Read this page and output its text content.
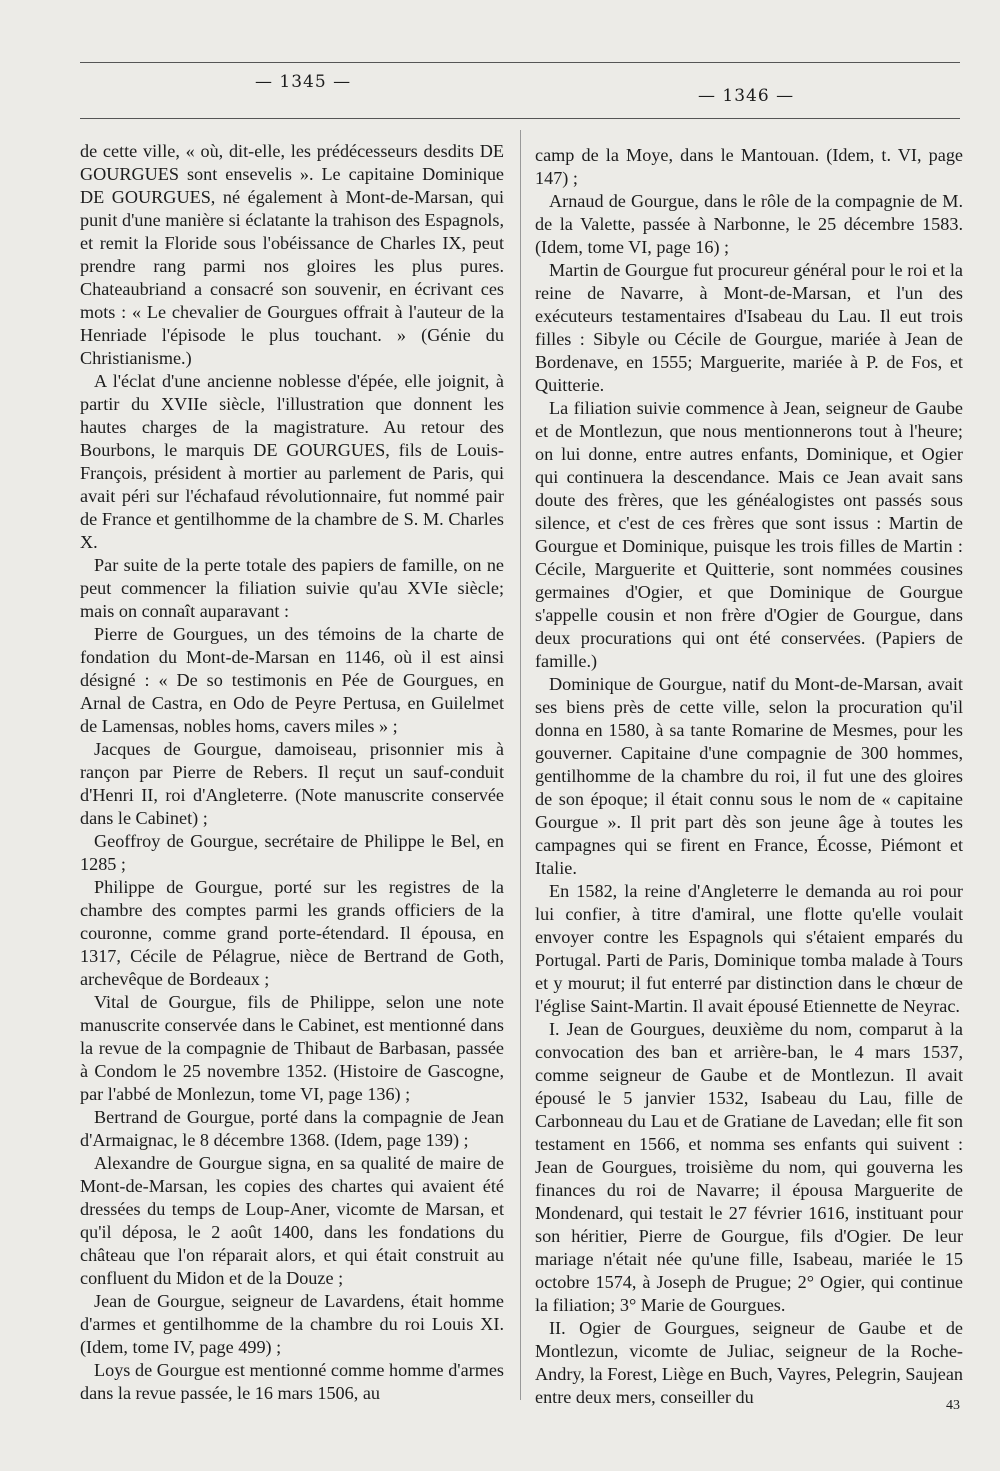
— 1345 —
— 1346 —

de cette ville, « où, dit-elle, les prédécesseurs desdits DE GOURGUES sont ensevelis ». Le capitaine Dominique DE GOURGUES, né également à Mont-de-Marsan, qui punit d'une manière si éclatante la trahison des Espagnols, et remit la Floride sous l'obéissance de Charles IX, peut prendre rang parmi nos gloires les plus pures. Chateaubriand a consacré son souvenir, en écrivant ces mots : « Le chevalier de Gourgues offrait à l'auteur de la Henriade l'épisode le plus touchant. » (Génie du Christianisme.)

A l'éclat d'une ancienne noblesse d'épée, elle joignit, à partir du XVIIe siècle, l'illustration que donnent les hautes charges de la magistrature. Au retour des Bourbons, le marquis DE GOURGUES, fils de Louis-François, président à mortier au parlement de Paris, qui avait péri sur l'échafaud révolutionnaire, fut nommé pair de France et gentilhomme de la chambre de S. M. Charles X.

Par suite de la perte totale des papiers de famille, on ne peut commencer la filiation suivie qu'au XVIe siècle; mais on connaît auparavant :

Pierre de Gourgues, un des témoins de la charte de fondation du Mont-de-Marsan en 1146, où il est ainsi désigné : « De so testimonis en Pée de Gourgues, en Arnal de Castra, en Odo de Peyre Pertusa, en Guilelmet de Lamensas, nobles homs, cavers miles » ;

Jacques de Gourgue, damoiseau, prisonnier mis à rançon par Pierre de Rebers. Il reçut un sauf-conduit d'Henri II, roi d'Angleterre. (Note manuscrite conservée dans le Cabinet) ;

Geoffroy de Gourgue, secrétaire de Philippe le Bel, en 1285 ;

Philippe de Gourgue, porté sur les registres de la chambre des comptes parmi les grands officiers de la couronne, comme grand porte-étendard. Il épousa, en 1317, Cécile de Pélagrue, nièce de Bertrand de Goth, archevêque de Bordeaux ;

Vital de Gourgue, fils de Philippe, selon une note manuscrite conservée dans le Cabinet, est mentionné dans la revue de la compagnie de Thibaut de Barbasan, passée à Condom le 25 novembre 1352. (Histoire de Gascogne, par l'abbé de Monlezun, tome VI, page 136) ;

Bertrand de Gourgue, porté dans la compagnie de Jean d'Armaignac, le 8 décembre 1368. (Idem, page 139) ;

Alexandre de Gourgue signa, en sa qualité de maire de Mont-de-Marsan, les copies des chartes qui avaient été dressées du temps de Loup-Aner, vicomte de Marsan, et qu'il déposa, le 2 août 1400, dans les fondations du château que l'on réparait alors, et qui était construit au confluent du Midon et de la Douze ;

Jean de Gourgue, seigneur de Lavardens, était homme d'armes et gentilhomme de la chambre du roi Louis XI. (Idem, tome IV, page 499) ;

Loys de Gourgue est mentionné comme homme d'armes dans la revue passée, le 16 mars 1506, au

camp de la Moye, dans le Mantouan. (Idem, t. VI, page 147) ;

Arnaud de Gourgue, dans le rôle de la compagnie de M. de la Valette, passée à Narbonne, le 25 décembre 1583. (Idem, tome VI, page 16) ;

Martin de Gourgue fut procureur général pour le roi et la reine de Navarre, à Mont-de-Marsan, et l'un des exécuteurs testamentaires d'Isabeau du Lau. Il eut trois filles : Sibyle ou Cécile de Gourgue, mariée à Jean de Bordenave, en 1555; Marguerite, mariée à P. de Fos, et Quitterie.

La filiation suivie commence à Jean, seigneur de Gaube et de Montlezun, que nous mentionnerons tout à l'heure; on lui donne, entre autres enfants, Dominique, et Ogier qui continuera la descendance. Mais ce Jean avait sans doute des frères, que les généalogistes ont passés sous silence, et c'est de ces frères que sont issus : Martin de Gourgue et Dominique, puisque les trois filles de Martin : Cécile, Marguerite et Quitterie, sont nommées cousines germaines d'Ogier, et que Dominique de Gourgue s'appelle cousin et non frère d'Ogier de Gourgue, dans deux procurations qui ont été conservées. (Papiers de famille.)

Dominique de Gourgue, natif du Mont-de-Marsan, avait ses biens près de cette ville, selon la procuration qu'il donna en 1580, à sa tante Romarine de Mesmes, pour les gouverner. Capitaine d'une compagnie de 300 hommes, gentilhomme de la chambre du roi, il fut une des gloires de son époque; il était connu sous le nom de « capitaine Gourgue ». Il prit part dès son jeune âge à toutes les campagnes qui se firent en France, Écosse, Piémont et Italie.

En 1582, la reine d'Angleterre le demanda au roi pour lui confier, à titre d'amiral, une flotte qu'elle voulait envoyer contre les Espagnols qui s'étaient emparés du Portugal. Parti de Paris, Dominique tomba malade à Tours et y mourut; il fut enterré par distinction dans le chœur de l'église Saint-Martin. Il avait épousé Etiennette de Neyrac.

I. Jean de Gourgues, deuxième du nom, comparut à la convocation des ban et arrière-ban, le 4 mars 1537, comme seigneur de Gaube et de Montlezun. Il avait épousé le 5 janvier 1532, Isabeau du Lau, fille de Carbonneau du Lau et de Gratiane de Lavedan; elle fit son testament en 1566, et nomma ses enfants qui suivent : Jean de Gourgues, troisième du nom, qui gouverna les finances du roi de Navarre; il épousa Marguerite de Mondenard, qui testait le 27 février 1616, instituant pour son héritier, Pierre de Gourgue, fils d'Ogier. De leur mariage n'était née qu'une fille, Isabeau, mariée le 15 octobre 1574, à Joseph de Prugue; 2° Ogier, qui continue la filiation; 3° Marie de Gourgues.

II. Ogier de Gourgues, seigneur de Gaube et de Montlezun, vicomte de Juliac, seigneur de la Roche-Andry, la Forest, Liège en Buch, Vayres, Pelegrin, Saujean entre deux mers, conseiller du	43
